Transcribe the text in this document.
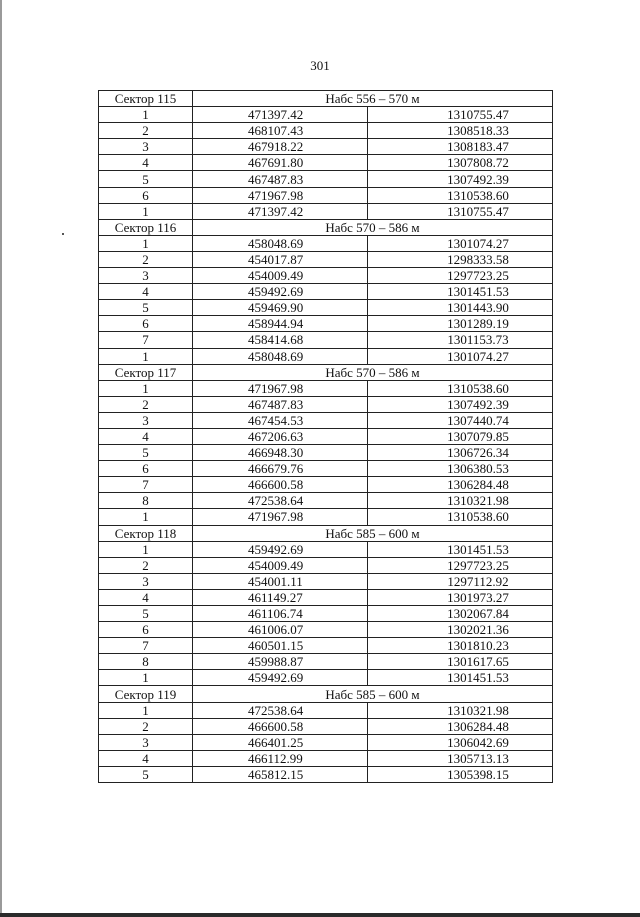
301
Сектор 115	Набс 556 – 570 м	
1	471397.42	1310755.47
2	468107.43	1308518.33
3	467918.22	1308183.47
4	467691.80	1307808.72
5	467487.83	1307492.39
6	471967.98	1310538.60
1	471397.42	1310755.47
Сектор 116	Набс 570 – 586 м	
1	458048.69	1301074.27
2	454017.87	1298333.58
3	454009.49	1297723.25
4	459492.69	1301451.53
5	459469.90	1301443.90
6	458944.94	1301289.19
7	458414.68	1301153.73
1	458048.69	1301074.27
Сектор 117	Набс 570 – 586 м	
1	471967.98	1310538.60
2	467487.83	1307492.39
3	467454.53	1307440.74
4	467206.63	1307079.85
5	466948.30	1306726.34
6	466679.76	1306380.53
7	466600.58	1306284.48
8	472538.64	1310321.98
1	471967.98	1310538.60
Сектор 118	Набс 585 – 600 м	
1	459492.69	1301451.53
2	454009.49	1297723.25
3	454001.11	1297112.92
4	461149.27	1301973.27
5	461106.74	1302067.84
6	461006.07	1302021.36
7	460501.15	1301810.23
8	459988.87	1301617.65
1	459492.69	1301451.53
Сектор 119	Набс 585 – 600 м	
1	472538.64	1310321.98
2	466600.58	1306284.48
3	466401.25	1306042.69
4	466112.99	1305713.13
5	465812.15	1305398.15
